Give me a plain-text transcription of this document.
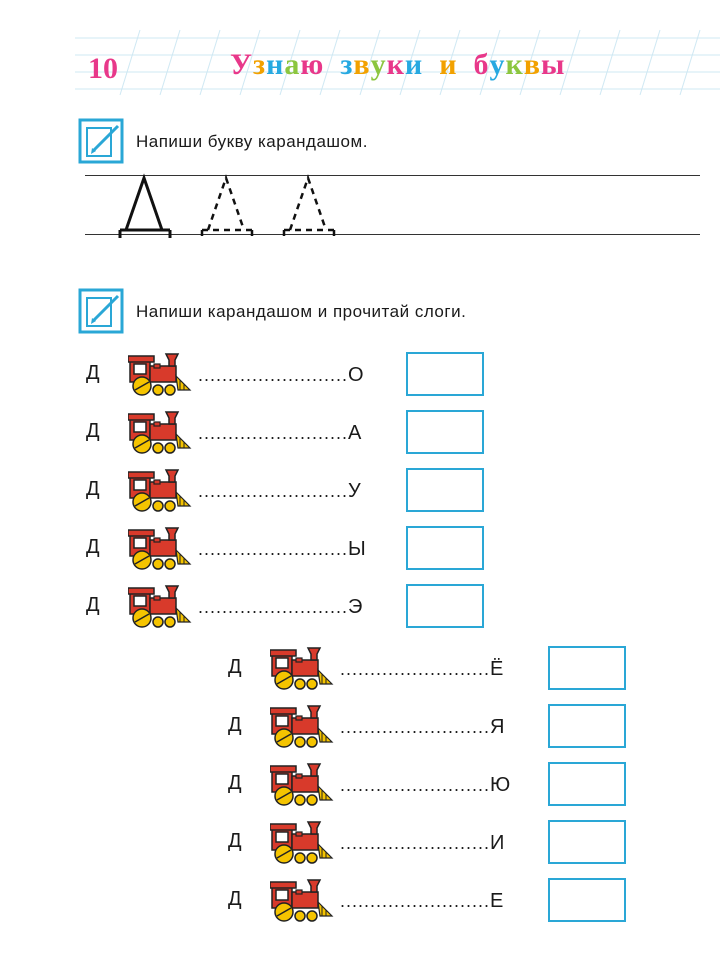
10	Узнаю звуки и буквы
Напиши букву карандашом.
Напиши карандашом и прочитай слоги.
Д	.........................О
Д	.........................А
Д	.........................У
Д	.........................Ы
Д	.........................Э
Д	.........................Ё
Д	.........................Я
Д	.........................Ю
Д	.........................И
Д	.........................Е
